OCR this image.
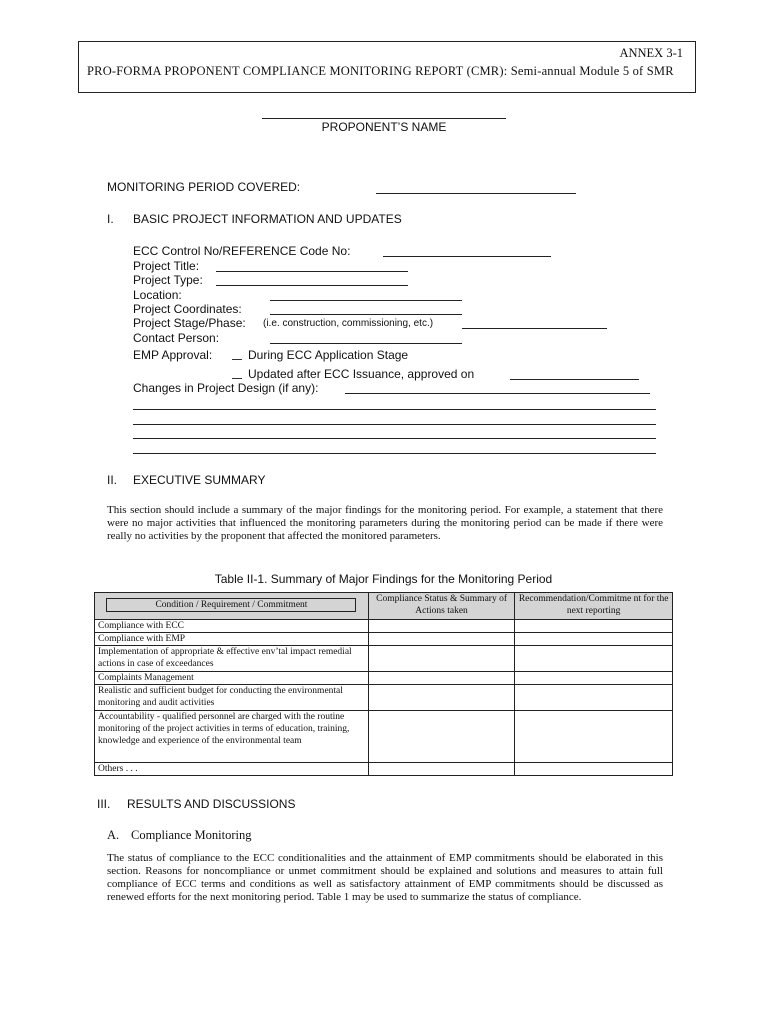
ANNEX 3-1
PRO-FORMA PROPONENT COMPLIANCE MONITORING REPORT (CMR): Semi-annual Module 5 of SMR
PROPONENT’S NAME
MONITORING PERIOD COVERED:
I. BASIC PROJECT INFORMATION AND UPDATES
ECC Control No/REFERENCE Code No:
Project Title:
Project Type:
Location:
Project Coordinates:
Project Stage/Phase: (i.e. construction, commissioning, etc.)
Contact Person:
EMP Approval:	During ECC Application Stage
Updated after ECC Issuance, approved on
Changes in Project Design (if any):
II. EXECUTIVE SUMMARY
This section should include a summary of the major findings for the monitoring period. For example, a statement that there were no major activities that influenced the monitoring parameters during the monitoring period can be made if there were really no activities by the proponent that affected the monitored parameters.
Table II-1. Summary of Major Findings for the Monitoring Period
Condition / Requirement / Commitment	Compliance Status & Summary of Actions taken	Recommendation/Commitme nt for the next reporting
Compliance with ECC		
Compliance with EMP		
Implementation of appropriate & effective env’tal impact remedial actions in case of exceedances		
Complaints Management		
Realistic and sufficient budget for conducting the environmental monitoring and audit activities		
Accountability - qualified personnel are charged with the routine monitoring of the project activities in terms of education, training, knowledge and experience of the environmental team		
Others . . .		
III. RESULTS AND DISCUSSIONS
A. Compliance Monitoring
The status of compliance to the ECC conditionalities and the attainment of EMP commitments should be elaborated in this section. Reasons for noncompliance or unmet commitment should be explained and solutions and measures to attain full compliance of ECC terms and conditions as well as satisfactory attainment of EMP commitments should be discussed as renewed efforts for the next monitoring period. Table 1 may be used to summarize the status of compliance.
